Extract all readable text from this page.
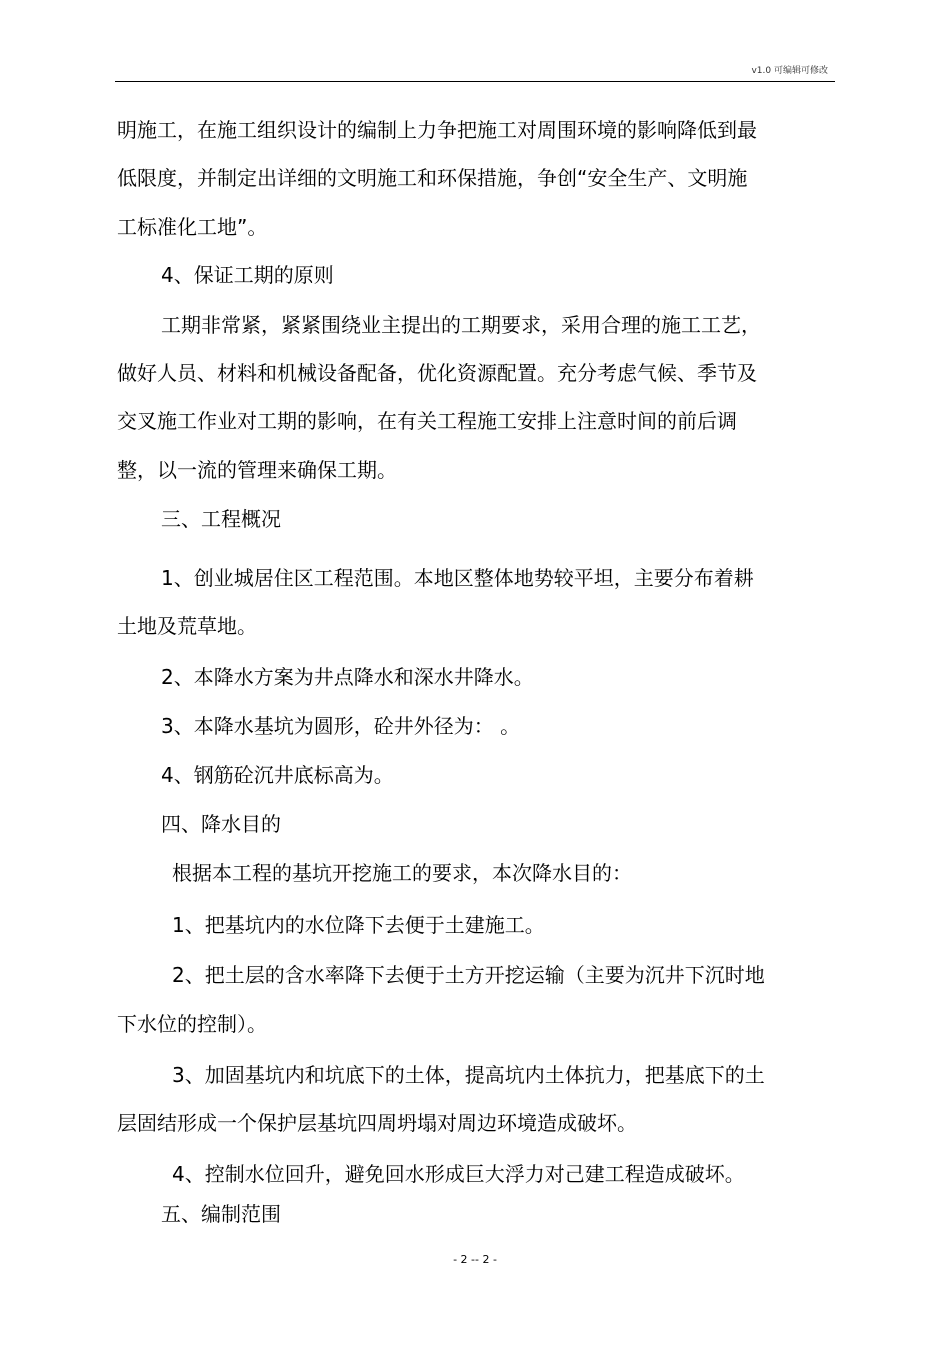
v1.0 可编辑可修改
明施工，在施工组织设计的编制上力争把施工对周围环境的影响降低到最
低限度，并制定出详细的文明施工和环保措施，争创“安全生产、文明施
工标准化工地”。
4、保证工期的原则
工期非常紧，紧紧围绕业主提出的工期要求，采用合理的施工工艺，
做好人员、材料和机械设备配备，优化资源配置。充分考虑气候、季节及
交叉施工作业对工期的影响，在有关工程施工安排上注意时间的前后调
整，以一流的管理来确保工期。
三、工程概况
1、创业城居住区工程范围。本地区整体地势较平坦，主要分布着耕
土地及荒草地。
2、本降水方案为井点降水和深水井降水。
3、本降水基坑为圆形，砼井外径为： 。
4、钢筋砼沉井底标高为。
四、降水目的
根据本工程的基坑开挖施工的要求，本次降水目的：
1、把基坑内的水位降下去便于土建施工。
2、把土层的含水率降下去便于土方开挖运输（主要为沉井下沉时地
下水位的控制）。
3、加固基坑内和坑底下的土体，提高坑内土体抗力，把基底下的土
层固结形成一个保护层基坑四周坍塌对周边环境造成破坏。
4、控制水位回升，避免回水形成巨大浮力对己建工程造成破坏。
五、编制范围
- 2 -- 2 -
